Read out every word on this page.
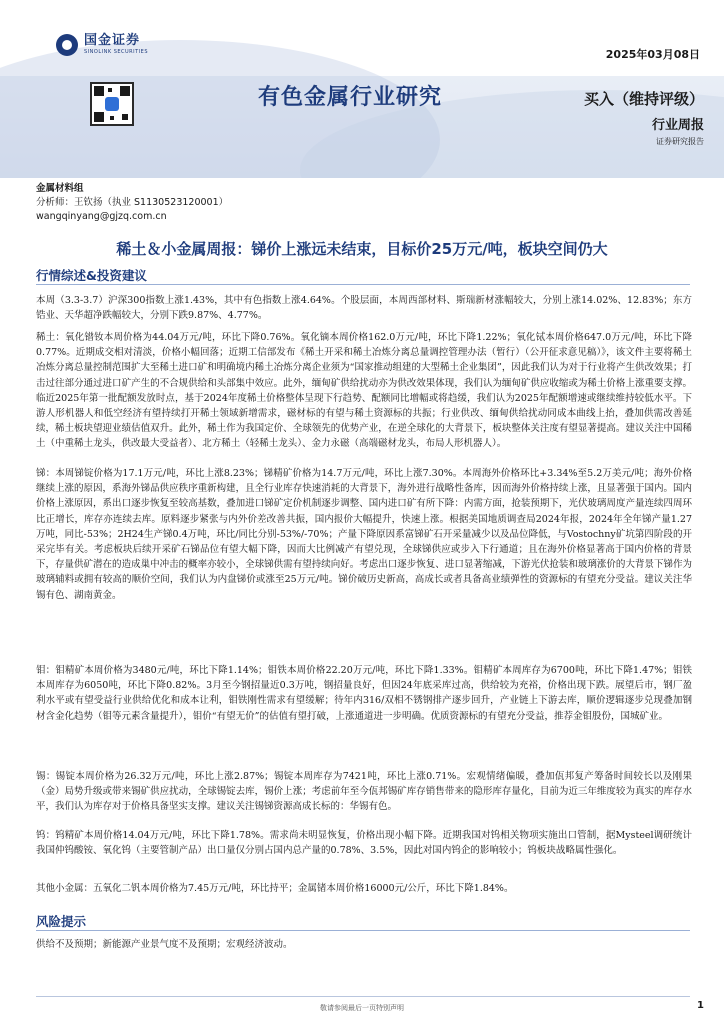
国金证券
SINOLINK SECURITIES	2025年03月08日
有色金属行业研究	买入（维持评级）
行业周报
证券研究报告
金属材料组
分析师：王钦扬（执业 S1130523120001）
wangqinyang@gjzq.com.cn
稀土＆小金属周报：锑价上涨远未结束，目标价25万元/吨，板块空间仍大
行情综述&投资建议

本周（3.3-3.7）沪深300指数上涨1.43%，其中有色指数上涨4.64%。个股层面，本周西部材料、斯瑞新材涨幅较大，分别上涨14.02%、12.83%；东方锆业、天华超净跌幅较大，分别下跌9.87%、4.77%。

稀土：氧化镨钕本周价格为44.04万元/吨，环比下降0.76%。氧化镝本周价格162.0万元/吨，环比下降1.22%；氧化铽本周价格647.0万元/吨，环比下降0.77%。近期成交相对清淡，价格小幅回落；近期工信部发布《稀土开采和稀土冶炼分离总量调控管理办法（暂行）（公开征求意见稿）》，该文件主要将稀土冶炼分离总量控制范围扩大至稀土进口矿和明确境内稀土冶炼分离企业须为“国家推动组建的大型稀土企业集团”，因此我们认为对于行业将产生供改效果；打击过往部分通过进口矿产生的不合规供给和头部集中效应。此外，缅甸矿供给扰动亦为供改效果体现，我们认为缅甸矿供应收缩或为稀土价格上涨重要支撑。临近2025年第一批配额发放时点，基于2024年度稀土价格整体呈现下行趋势、配额同比增幅或将趋缓，我们认为2025年配额增速或继续维持较低水平。下游人形机器人和低空经济有望持续打开稀土领域新增需求，磁材标的有望与稀土资源标的共振；行业供改、缅甸供给扰动同成本曲线上抬，叠加供需改善延续，稀土板块望迎业绩估值双升。此外，稀土作为我国定价、全球领先的优势产业，在逆全球化的大背景下，板块整体关注度有望显著提高。建议关注中国稀土（中重稀土龙头，供改最大受益者）、北方稀土（轻稀土龙头）、金力永磁（高端磁材龙头，布局人形机器人）。

锑：本周锑锭价格为17.1万元/吨，环比上涨8.23%；锑精矿价格为14.7万元/吨，环比上涨7.30%。本周海外价格环比+3.34%至5.2万美元/吨；海外价格继续上涨的原因，系海外锑品供应秩序重新构建，且全行业库存快速消耗的大背景下，海外进行战略性备库，因而海外价格持续上涨，且显著强于国内。国内价格上涨原因，系出口逐步恢复至较高基数，叠加进口锑矿定价机制逐步调整、国内进口矿有所下降：内需方面，抢装预期下，光伏玻璃周度产量连续四周环比正增长，库存亦连续去库。原料逐步紧张与内外价差改善共振，国内报价大幅提升，快速上涨。根据美国地质调查局2024年报，2024年全年锑产量1.27万吨，同比-53%；2H24生产锑0.4万吨，环比/同比分别-53%/-70%；产量下降原因系富锑矿石开采量减少以及品位降低，与Vostochny矿坑第四阶段的开采完毕有关。考虑板块后续开采矿石锑品位有望大幅下降，因而大比例减产有望兑现，全球锑供应或步入下行通道；且在海外价格显著高于国内价格的背景下，存量供矿潜在的造成巢中冲击的概率亦较小，全球锑供需有望持续向好。考虑出口逐步恢复、进口显著缩减，下游光伏抢装和玻璃涨价的大背景下锑作为玻璃辅料或拥有较高的顺价空间，我们认为内盘锑价或涨至25万元/吨。锑价破历史新高，高成长或者具备高业绩弹性的资源标的有望充分受益。建议关注华锡有色、湖南黄金。

钼：钼精矿本周价格为3480元/吨，环比下降1.14%；钼铁本周价格22.20万元/吨，环比下降1.33%。钼精矿本周库存为6700吨，环比下降1.47%；钼铁本周库存为6050吨，环比下降0.82%。3月至今钢招量近0.3万吨，钢招量良好，但因24年底采库过高，供给较为充裕，价格出现下跌。展望后市，钢厂盈利水平或有望受益行业供给优化和成本让利，钼铁刚性需求有望缓解；待年内316/双相不锈钢排产逐步回升，产业链上下游去库，顺价逻辑逐步兑现叠加钢材含金化趋势（钼等元素含量提升），钼价“有望无价”的估值有望打破，上涨通道进一步明确。优质资源标的有望充分受益，推荐金钼股份，国城矿业。

锡：锡锭本周价格为26.32万元/吨，环比上涨2.87%；锡锭本周库存为7421吨，环比上涨0.71%。宏观情绪偏暖，叠加佤邦复产筹备时间较长以及刚果（金）局势升级或带来锡矿供应扰动，全球锡锭去库，锡价上涨；考虑前年至今佤邦锡矿库存销售带来的隐形库存量化，目前为近三年维度较为真实的库存水平，我们认为库存对于价格具备坚实支撑。建议关注锡锑资源高成长标的：华锡有色。

钨：钨精矿本周价格14.04万元/吨，环比下降1.78%。需求尚未明显恢复，价格出现小幅下降。近期我国对钨相关物项实施出口管制，据Mysteel调研统计我国仲钨酸铵、氧化钨（主要管制产品）出口量仅分别占国内总产量的0.78%、3.5%，因此对国内钨企的影响较小；钨板块战略属性强化。

其他小金属：五氧化二钒本周价格为7.45万元/吨，环比持平；金属锗本周价格16000元/公斤，环比下降1.84%。

风险提示

供给不及预期；新能源产业景气度不及预期；宏观经济波动。

敬请参阅最后一页特别声明	1
